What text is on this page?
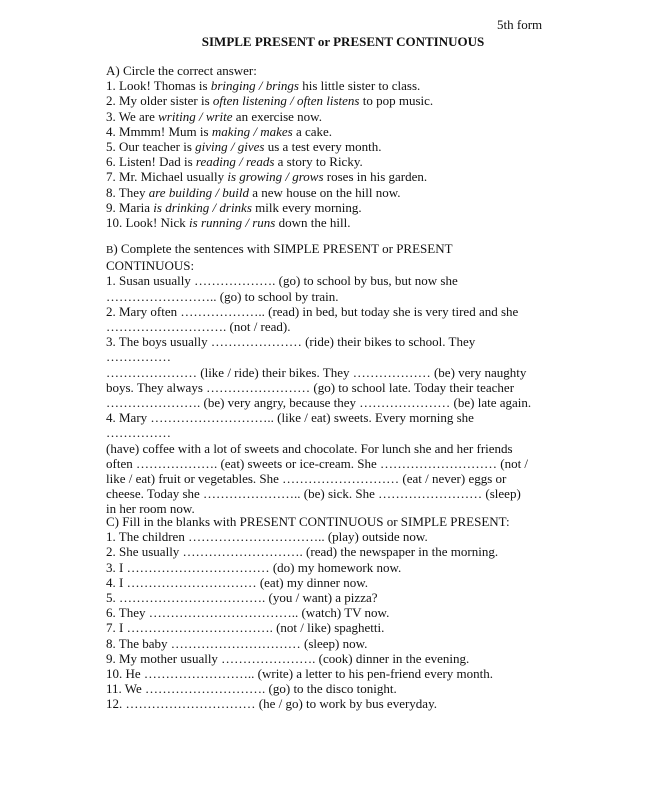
5th form
SIMPLE PRESENT or PRESENT CONTINUOUS

A) Circle the correct answer:

1. Look! Thomas is bringing / brings his little sister to class.

2. My older sister is often listening / often listens to pop music.

3. We are writing / write an exercise now.

4. Mmmm! Mum is making / makes a cake.

5. Our teacher is giving / gives us a test every month.

6. Listen! Dad is reading / reads a story to Ricky.

7. Mr. Michael usually is growing / grows roses in his garden.

8. They are building / build a new house on the hill now.

9. Maria is drinking / drinks milk every morning.

10. Look! Nick is running / runs down the hill.

B) Complete the sentences with SIMPLE PRESENT or PRESENT

CONTINUOUS:

1. Susan usually ………………. (go) to school by bus, but now she

…………………….. (go) to school by train.

2. Mary often ……………….. (read) in bed, but today she is very tired and she

………………………. (not / read).

3. The boys usually ………………… (ride) their bikes to school. They

……………

………………… (like / ride) their bikes. They ……………… (be) very naughty

boys. They always …………………… (go) to school late. Today their teacher

…………………. (be) very angry, because they ………………… (be) late again.

4. Mary ……………………….. (like / eat) sweets. Every morning she

……………

(have) coffee with a lot of sweets and chocolate. For lunch she and her friends

often ………………. (eat) sweets or ice-cream. She ……………………… (not /

like / eat) fruit or vegetables. She ……………………… (eat / never) eggs or

cheese. Today she ………………….. (be) sick. She …………………… (sleep)

in her room now.

C) Fill in the blanks with PRESENT CONTINUOUS or SIMPLE PRESENT:

1. The children ………………………….. (play) outside now.

2. She usually ………………………. (read) the newspaper in the morning.

3. I …………………………… (do) my homework now.

4. I ………………………… (eat) my dinner now.

5. ……………………………. (you / want) a pizza?

6. They …………………………….. (watch) TV now.

7. I ……………………………. (not / like) spaghetti.

8. The baby ………………………… (sleep) now.

9. My mother usually …………………. (cook) dinner in the evening.

10. He …………………….. (write) a letter to his pen-friend every month.

11. We ………………………. (go) to the disco tonight.

12. ………………………… (he / go) to work by bus everyday.
